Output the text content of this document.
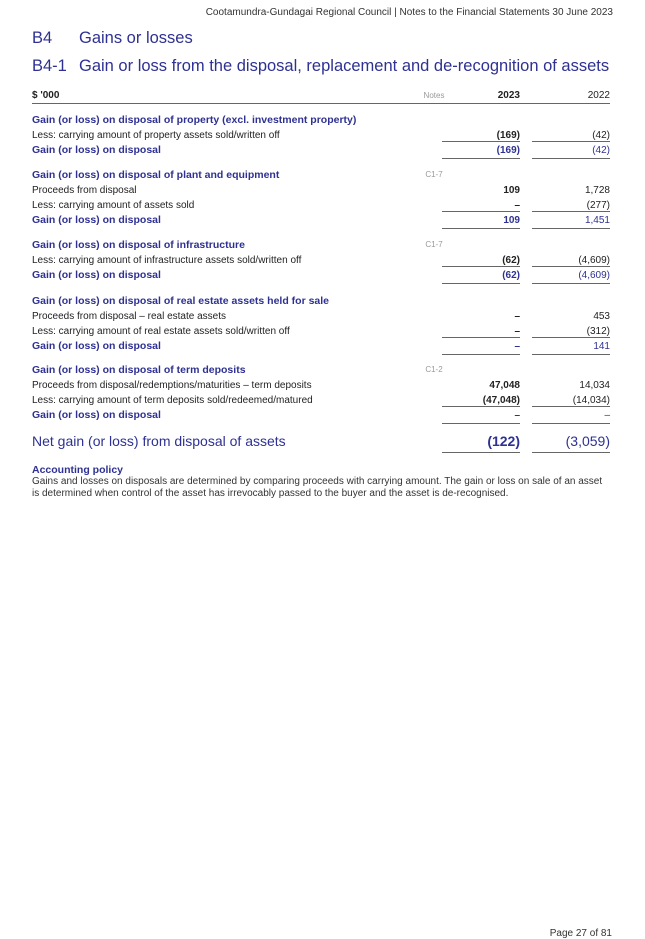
Cootamundra-Gundagai Regional Council | Notes to the Financial Statements 30 June 2023
B4 Gains or losses
B4-1 Gain or loss from the disposal, replacement and de-recognition of assets
$ '000	Notes	2023	2022
Gain (or loss) on disposal of property (excl. investment property)
Less: carrying amount of property assets sold/written off	(169)	(42)
Gain (or loss) on disposal	(169)	(42)
Gain (or loss) on disposal of plant and equipment	C1-7
Proceeds from disposal	109	1,728
Less: carrying amount of assets sold	–	(277)
Gain (or loss) on disposal	109	1,451
Gain (or loss) on disposal of infrastructure	C1-7
Less: carrying amount of infrastructure assets sold/written off	(62)	(4,609)
Gain (or loss) on disposal	(62)	(4,609)
Gain (or loss) on disposal of real estate assets held for sale
Proceeds from disposal – real estate assets	–	453
Less: carrying amount of real estate assets sold/written off	–	(312)
Gain (or loss) on disposal	–	141
Gain (or loss) on disposal of term deposits	C1-2
Proceeds from disposal/redemptions/maturities – term deposits	47,048	14,034
Less: carrying amount of term deposits sold/redeemed/matured	(47,048)	(14,034)
Gain (or loss) on disposal	–	–
Net gain (or loss) from disposal of assets	(122)	(3,059)
Accounting policy
Gains and losses on disposals are determined by comparing proceeds with carrying amount. The gain or loss on sale of an asset is determined when control of the asset has irrevocably passed to the buyer and the asset is de-recognised.
Page 27 of 81
